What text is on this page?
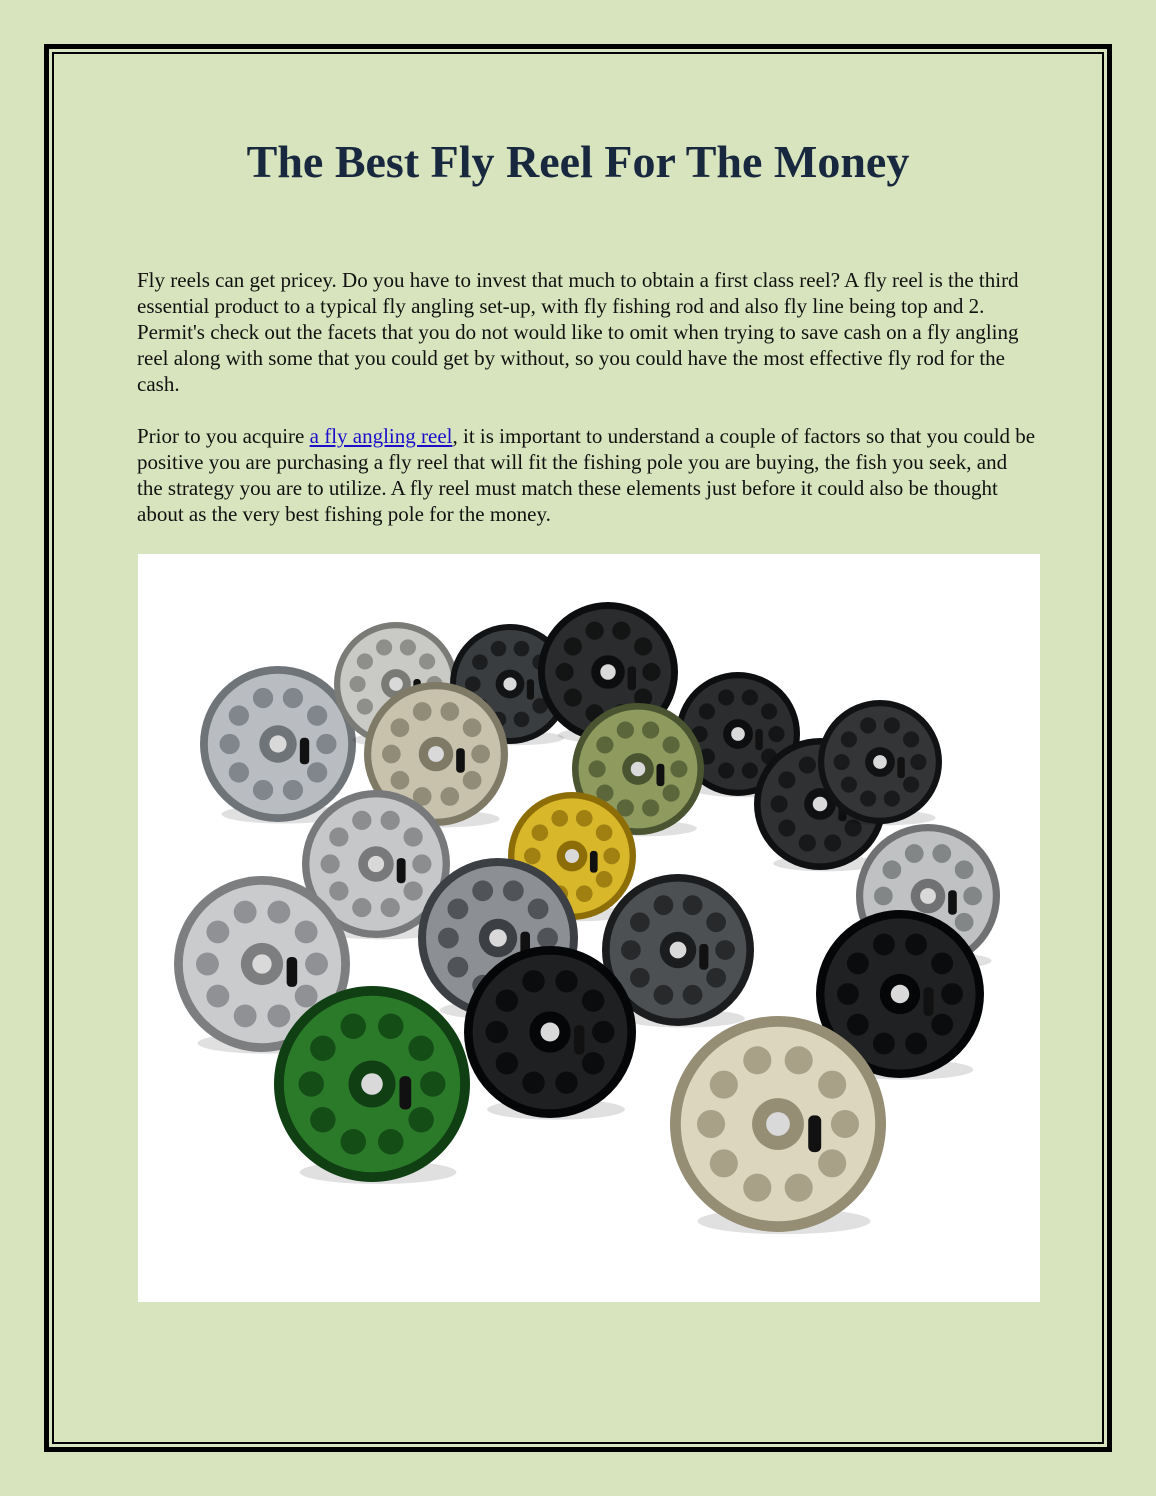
The Best Fly Reel For The Money

Fly reels can get pricey. Do you have to invest that much to obtain a first class reel? A fly reel is the third essential product to a typical fly angling set-up, with fly fishing rod and also fly line being top and 2. Permit's check out the facets that you do not would like to omit when trying to save cash on a fly angling reel along with some that you could get by without, so you could have the most effective fly rod for the cash.

Prior to you acquire a fly angling reel, it is important to understand a couple of factors so that you could be positive you are purchasing a fly reel that will fit the fishing pole you are buying, the fish you seek, and the strategy you are to utilize. A fly reel must match these elements just before it could also be thought about as the very best fishing pole for the money.
